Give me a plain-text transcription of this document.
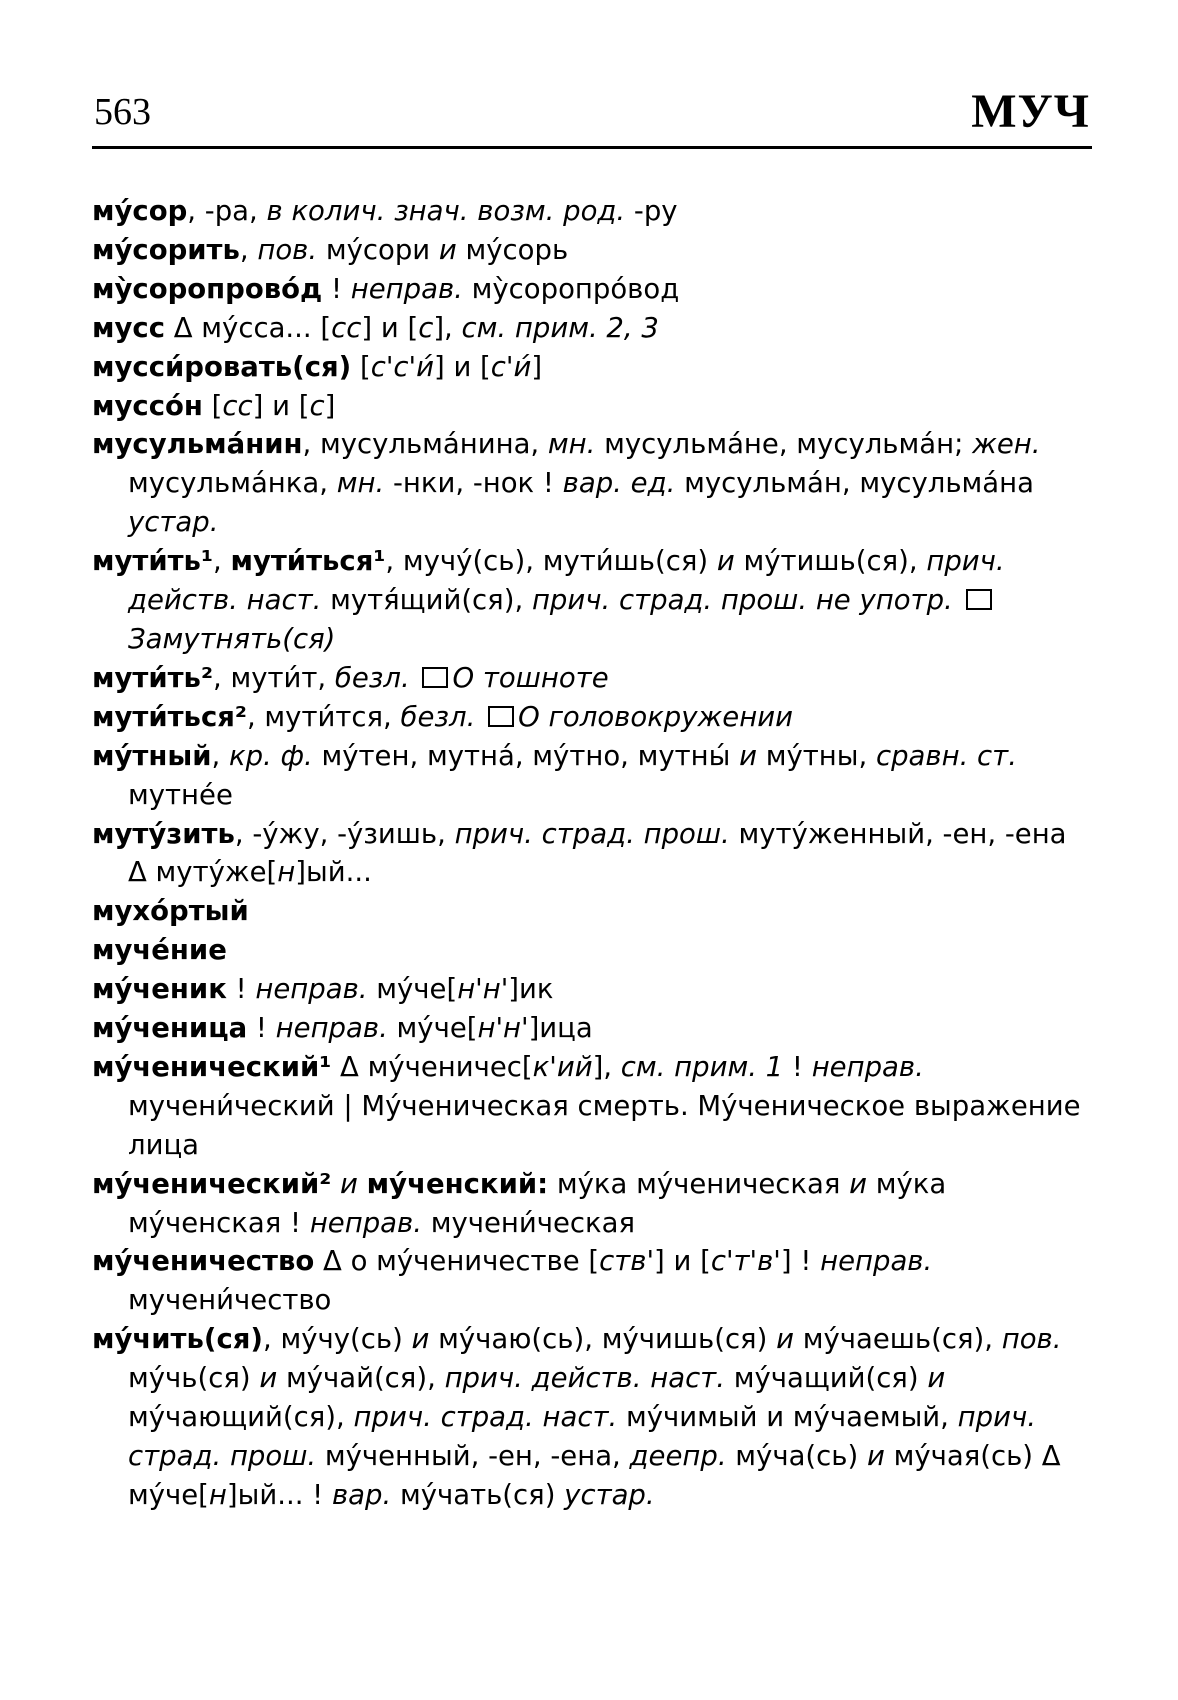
563	МУЧ

му́сор, -ра, в колич. знач. возм. род. -ру

му́сорить, пов. му́сори и му́сорь

му̀сoропрово́д ! неправ. му̀соропро́вод

мусс Δ му́сса... [сс] и [с], см. прим. 2, 3

мусси́ровать(ся) [с'с'и́] и [с'и́]

муссо́н [сс] и [с]

мусульма́нин, мусульма́нина, мн. мусульма́не, мусульма́н; жен. мусульма́нка, мн. -нки, -нок ! вар. ед. мусульма́н, мусульма́на устар.

мути́ть¹, мути́ться¹, мучу́(сь), мути́шь(ся) и му́тишь(ся), прич. действ. наст. мутя́щий(ся), прич. страд. прош. не употр. Замутнять(ся)

мути́ть², мути́т, безл. О тошноте

мути́ться², мути́тся, безл. О головокружении

му́тный, кр. ф. му́тен, мутна́, му́тно, мутны́ и му́тны, сравн. ст. мутне́е

муту́зить, -у́жу, -у́зишь, прич. страд. прош. муту́женный, -ен, -ена Δ муту́же[н]ый...

мухо́ртый

муче́ние

му́ченик ! неправ. му́че[н'н']ик

му́ченица ! неправ. му́че[н'н']ица

му́ченический¹ Δ му́ченичес[к'ий], см. прим. 1 ! неправ. мучени́ческий | Му́ченическая смерть. Му́ченическое выражение лица

му́ченический² и му́ченский: му́ка му́ченическая и му́ка му́ченская ! неправ. мучени́ческая

му́ченичество Δ о му́ченичестве [ств'] и [с'т'в'] ! неправ. мучени́чество

му́чить(ся), му́чу(сь) и му́чаю(сь), му́чишь(ся) и му́чаешь(ся), пов. му́чь(ся) и му́чай(ся), прич. действ. наст. му́чащий(ся) и му́чающий(ся), прич. страд. наст. му́чимый и му́чаемый, прич. страд. прош. му́ченный, -ен, -ена, деепр. му́ча(сь) и му́чая(сь) Δ му́че[н]ый... ! вар. му́чать(ся) устар.
